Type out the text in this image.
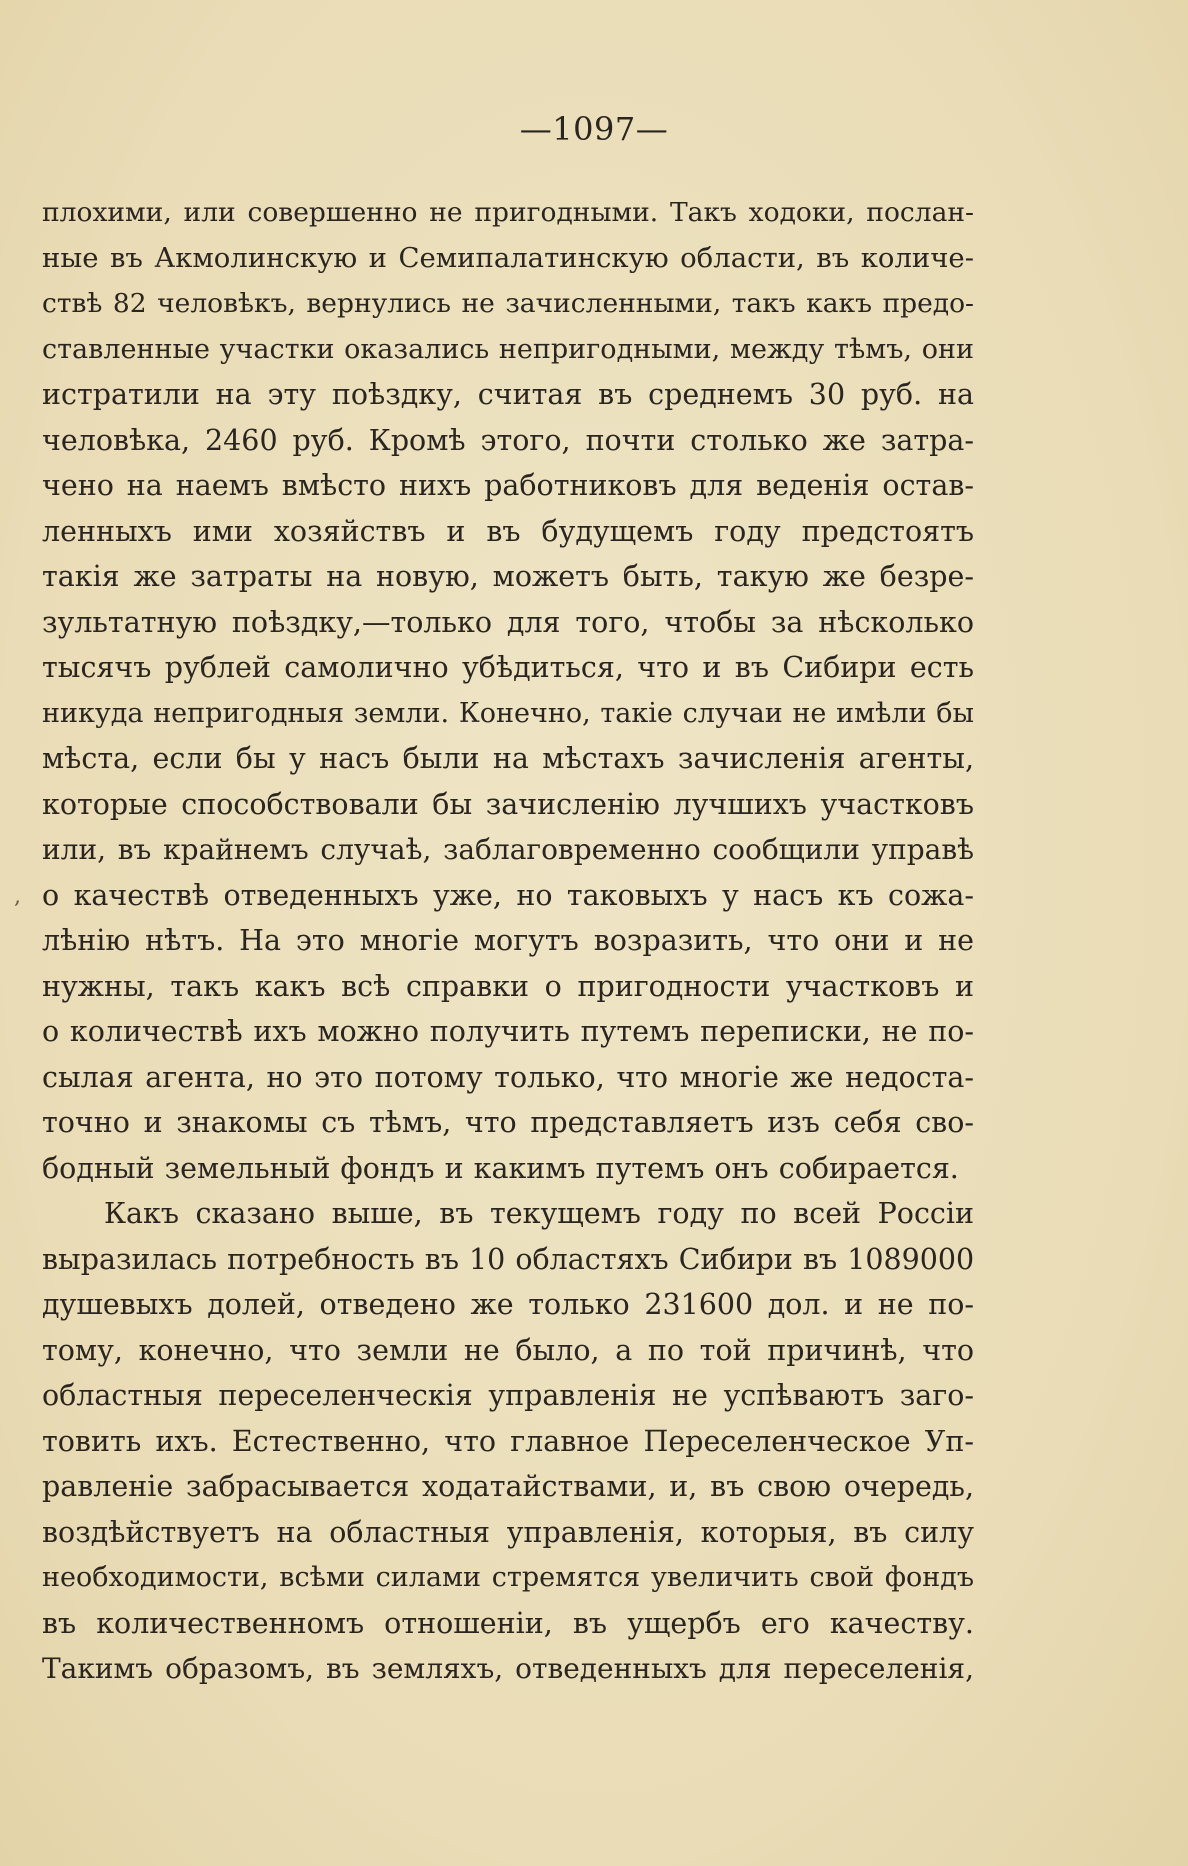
—1097—
,
плохими, или совершенно не пригодными. Такъ ходоки, послан-
ные въ Акмолинскую и Семипалатинскую области, въ количе-
ствѣ 82 человѣкъ, вернулись не зачисленными, такъ какъ предо-
ставленные участки оказались непригодными, между тѣмъ, они
истратили на эту поѣздку, считая въ среднемъ 30 руб. на
человѣка, 2460 руб. Кромѣ этого, почти столько же затра-
чено на наемъ вмѣсто нихъ работниковъ для веденія остав-
ленныхъ ими хозяйствъ и въ будущемъ году предстоятъ
такія же затраты на новую, можетъ быть, такую же безре-
зультатную поѣздку,—только для того, чтобы за нѣсколько
тысячъ рублей самолично убѣдиться, что и въ Сибири есть
никуда непригодныя земли. Конечно, такіе случаи не имѣли бы
мѣста, если бы у насъ были на мѣстахъ зачисленія агенты,
которые способствовали бы зачисленію лучшихъ участковъ
или, въ крайнемъ случаѣ, заблаговременно сообщили управѣ
о качествѣ отведенныхъ уже, но таковыхъ у насъ къ сожа-
лѣнію нѣтъ. На это многіе могутъ возразить, что они и не
нужны, такъ какъ всѣ справки о пригодности участковъ и
о количествѣ ихъ можно получить путемъ переписки, не по-
сылая агента, но это потому только, что многіе же недоста-
точно и знакомы съ тѣмъ, что представляетъ изъ себя сво-
бодный земельный фондъ и какимъ путемъ онъ собирается.
Какъ сказано выше, въ текущемъ году по всей Россіи
выразилась потребность въ 10 областяхъ Сибири въ 1089000
душевыхъ долей, отведено же только 231600 дол. и не по-
тому, конечно, что земли не было, а по той причинѣ, что
областныя переселенческія управленія не успѣваютъ заго-
товить ихъ. Естественно, что главное Переселенческое Уп-
равленіе забрасывается ходатайствами, и, въ свою очередь,
воздѣйствуетъ на областныя управленія, которыя, въ силу
необходимости, всѣми силами стремятся увеличить свой фондъ
въ количественномъ отношеніи, въ ущербъ его качеству.
Такимъ образомъ, въ земляхъ, отведенныхъ для переселенія,
